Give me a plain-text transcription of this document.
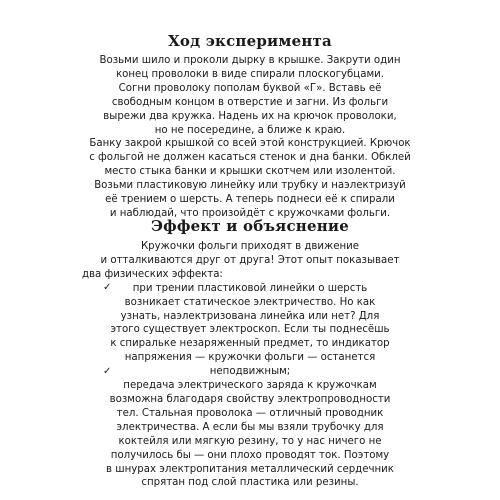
Ход эксперимента
Возьми шило и проколи дырку в крышке. Закрути один
конец проволоки в виде спирали плоскогубцами.
Согни проволоку пополам буквой «Г». Вставь её
свободным концом в отверстие и загни. Из фольги
вырежи два кружка. Надень их на крючок проволоки,
но не посередине, а ближе к краю.
Банку закрой крышкой со всей этой конструкцией. Крючок
с фольгой не должен касаться стенок и дна банки. Обклей
место стыка банки и крышки скотчем или изолентой.
Возьми пластиковую линейку или трубку и наэлектризуй
её трением о шерсть. А теперь поднеси её к спирали
и наблюдай, что произойдёт с кружочками фольги.
Эффект и объяснение
Кружочки фольги приходят в движение
и отталкиваются друг от друга! Этот опыт показывает
два физических эффекта:
при трении пластиковой линейки о шерсть
возникает статическое электричество. Но как
узнать, наэлектризована линейка или нет? Для
этого существует электроскоп. Если ты поднесёшь
к спиральке незаряженный предмет, то индикатор
напряжения — кружочки фольги — останется
неподвижным;
передача электрического заряда к кружочкам
возможна благодаря свойству электропроводности
тел. Стальная проволока — отличный проводник
электричества. А если бы мы взяли трубочку для
коктейля или мягкую резину, то у нас ничего не
получилось бы — они плохо проводят ток. Поэтому
в шнурах электропитания металлический сердечник
спрятан под слой пластика или резины.
✓
✓
